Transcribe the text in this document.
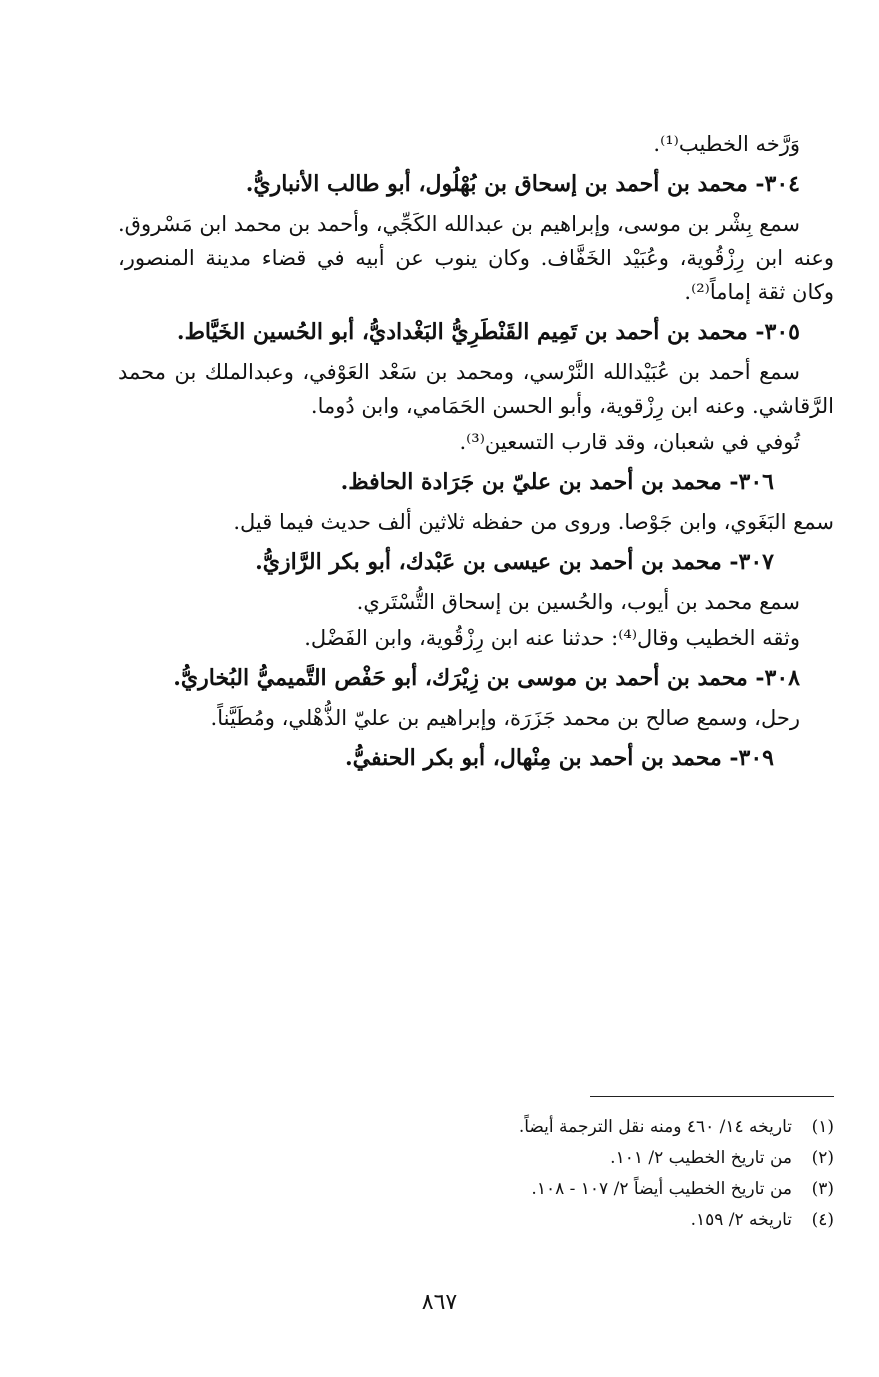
وَرَّخه الخطيب⁽¹⁾.

٣٠٤- محمد بن أحمد بن إسحاق بن بُهْلُول، أبو طالب الأنباريُّ.

سمع بِشْر بن موسى، وإبراهيم بن عبدالله الكَجِّي، وأحمد بن محمد ابن مَسْروق. وعنه ابن رِزْقُوية، وعُبَيْد الخَفَّاف. وكان ينوب عن أبيه في قضاء مدينة المنصور، وكان ثقة إماماً⁽²⁾.

٣٠٥- محمد بن أحمد بن تَمِيم القَنْطَرِيُّ البَغْداديُّ، أبو الحُسين الخَيَّاط.

سمع أحمد بن عُبَيْدالله النَّرْسي، ومحمد بن سَعْد العَوْفي، وعبدالملك بن محمد الرَّقاشي. وعنه ابن رِزْقوية، وأبو الحسن الحَمَامي، وابن دُوما.

تُوفي في شعبان، وقد قارب التسعين⁽³⁾.

٣٠٦- محمد بن أحمد بن عليّ بن جَرَادة الحافظ.

سمع البَغَوي، وابن جَوْصا. وروى من حفظه ثلاثين ألف حديث فيما قيل.

٣٠٧- محمد بن أحمد بن عيسى بن عَبْدك، أبو بكر الرَّازيُّ.

سمع محمد بن أيوب، والحُسين بن إسحاق التُّسْتَري.

وثقه الخطيب وقال⁽⁴⁾: حدثنا عنه ابن رِزْقُوية، وابن الفَضْل.

٣٠٨- محمد بن أحمد بن موسى بن زِيْرَك، أبو حَفْص التَّميميُّ البُخاريُّ.

رحل، وسمع صالح بن محمد جَزَرَة، وإبراهيم بن عليّ الذُّهْلي، ومُطَيَّناً.

٣٠٩- محمد بن أحمد بن مِنْهال، أبو بكر الحنفيُّ.

(١)
تاريخه ١٤/ ٤٦٠ ومنه نقل الترجمة أيضاً.
(٢)
من تاريخ الخطيب ٢/ ١٠١.
(٣)
من تاريخ الخطيب أيضاً ٢/ ١٠٧ - ١٠٨.
(٤)
تاريخه ٢/ ١٥٩.
٨٦٧
